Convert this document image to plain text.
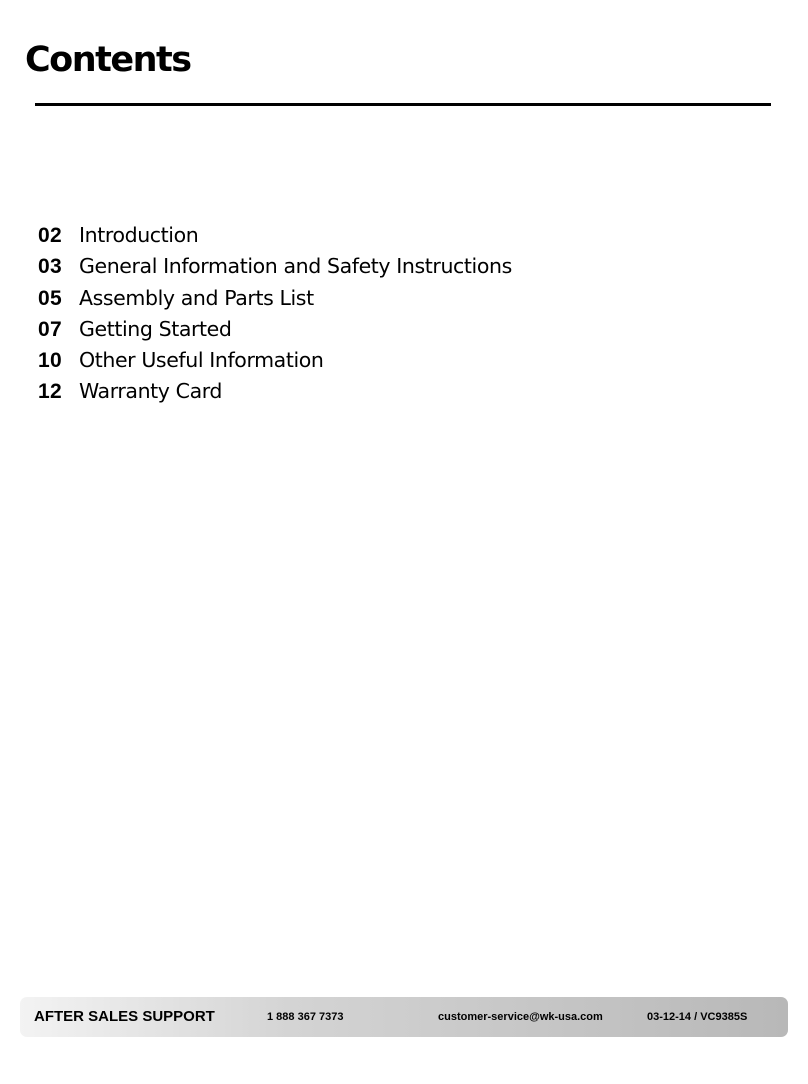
Contents
02 Introduction
03 General Information and Safety Instructions
05 Assembly and Parts List
07 Getting Started
10 Other Useful Information
12 Warranty Card
AFTER SALES SUPPORT	1 888 367 7373	customer-service@wk-usa.com	03-12-14 / VC9385S
